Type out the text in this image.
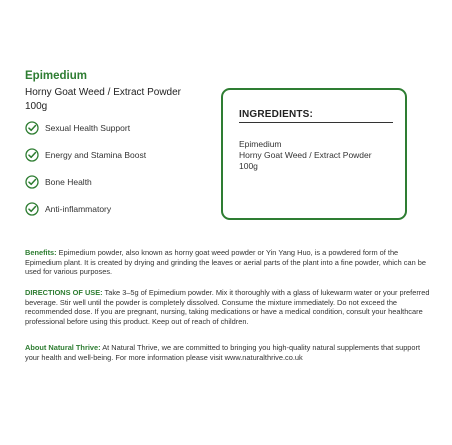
Epimedium
Horny Goat Weed / Extract Powder
100g
Sexual Health Support
Energy and Stamina Boost
Bone Health
Anti-inflammatory
INGREDIENTS:
Epimedium
Horny Goat Weed / Extract Powder
100g
Benefits: Epimedium powder, also known as horny goat weed powder or Yin Yang Huo, is a powdered form of the Epimedium plant. It is created by drying and grinding the leaves or aerial parts of the plant into a fine powder, which can be used for various purposes.
DIRECTIONS OF USE: Take 3–5g of Epimedium powder. Mix it thoroughly with a glass of lukewarm water or your preferred beverage. Stir well until the powder is completely dissolved. Consume the mixture immediately. Do not exceed the recommended dose. If you are pregnant, nursing, taking medications or have a medical condition, consult your healthcare professional before using this product. Keep out of reach of children.
About Natural Thrive: At Natural Thrive, we are committed to bringing you high-quality natural supplements that support your health and well-being. For more information please visit www.naturalthrive.co.uk
